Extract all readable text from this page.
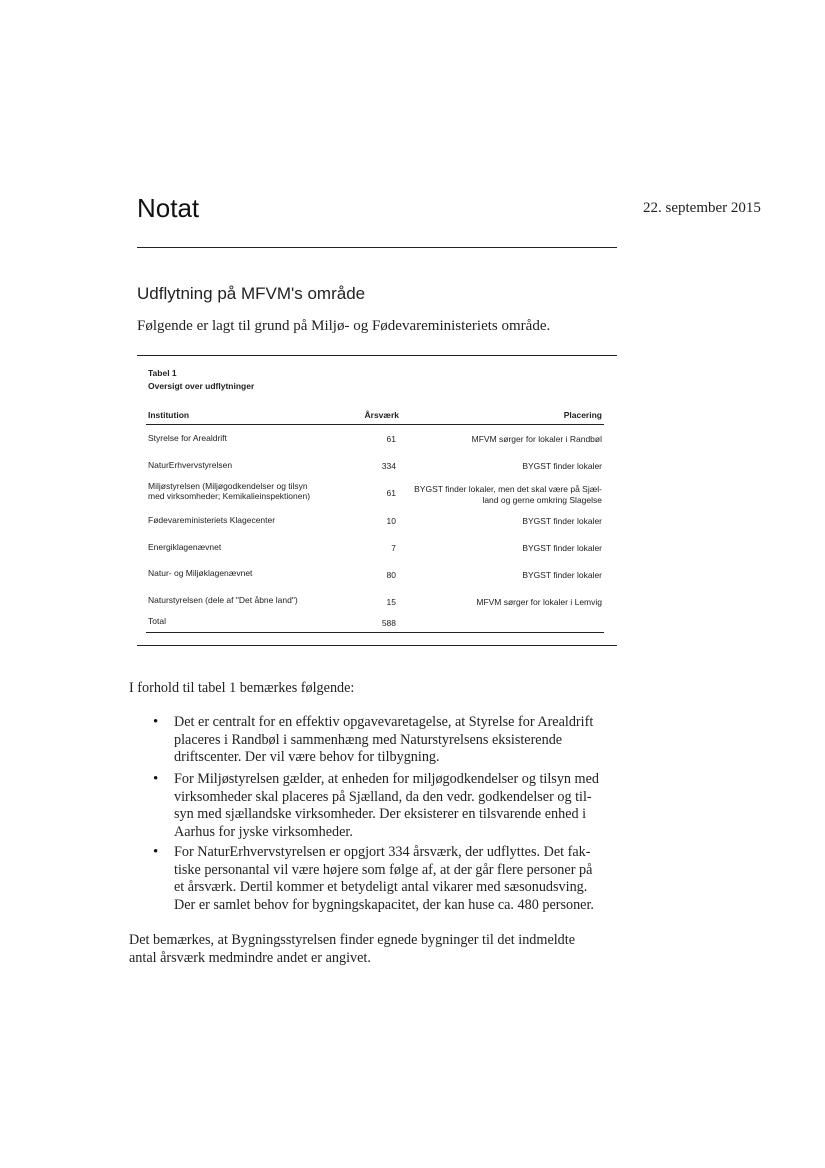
Notat	22. september 2015
Udflytning på MFVM's område
Følgende er lagt til grund på Miljø- og Fødevareministeriets område.
Tabel 1
Oversigt over udflytninger
Institution	Årsværk	Placering
Styrelse for Arealdrift	61	MFVM sørger for lokaler i Randbøl
NaturErhvervstyrelsen	334	BYGST finder lokaler
Miljøstyrelsen (Miljøgodkendelser og tilsyn
med virksomheder; Kemikalieinspektionen)	61	BYGST finder lokaler, men det skal være på Sjæl-
land og gerne omkring Slagelse
Fødevareministeriets Klagecenter	10	BYGST finder lokaler
Energiklagenævnet	7	BYGST finder lokaler
Natur- og Miljøklagenævnet	80	BYGST finder lokaler
Naturstyrelsen (dele af "Det åbne land")	15	MFVM sørger for lokaler i Lemvig
Total	588
I forhold til tabel 1 bemærkes følgende:
• Det er centralt for en effektiv opgavevaretagelse, at Styrelse for Arealdrift
placeres i Randbøl i sammenhæng med Naturstyrelsens eksisterende
driftscenter. Der vil være behov for tilbygning.
• For Miljøstyrelsen gælder, at enheden for miljøgodkendelser og tilsyn med
virksomheder skal placeres på Sjælland, da den vedr. godkendelser og til-
syn med sjællandske virksomheder. Der eksisterer en tilsvarende enhed i
Aarhus for jyske virksomheder.
• For NaturErhvervstyrelsen er opgjort 334 årsværk, der udflyttes. Det fak-
tiske personantal vil være højere som følge af, at der går flere personer på
et årsværk. Dertil kommer et betydeligt antal vikarer med sæsonudsving.
Der er samlet behov for bygningskapacitet, der kan huse ca. 480 personer.
Det bemærkes, at Bygningsstyrelsen finder egnede bygninger til det indmeldte
antal årsværk medmindre andet er angivet.
